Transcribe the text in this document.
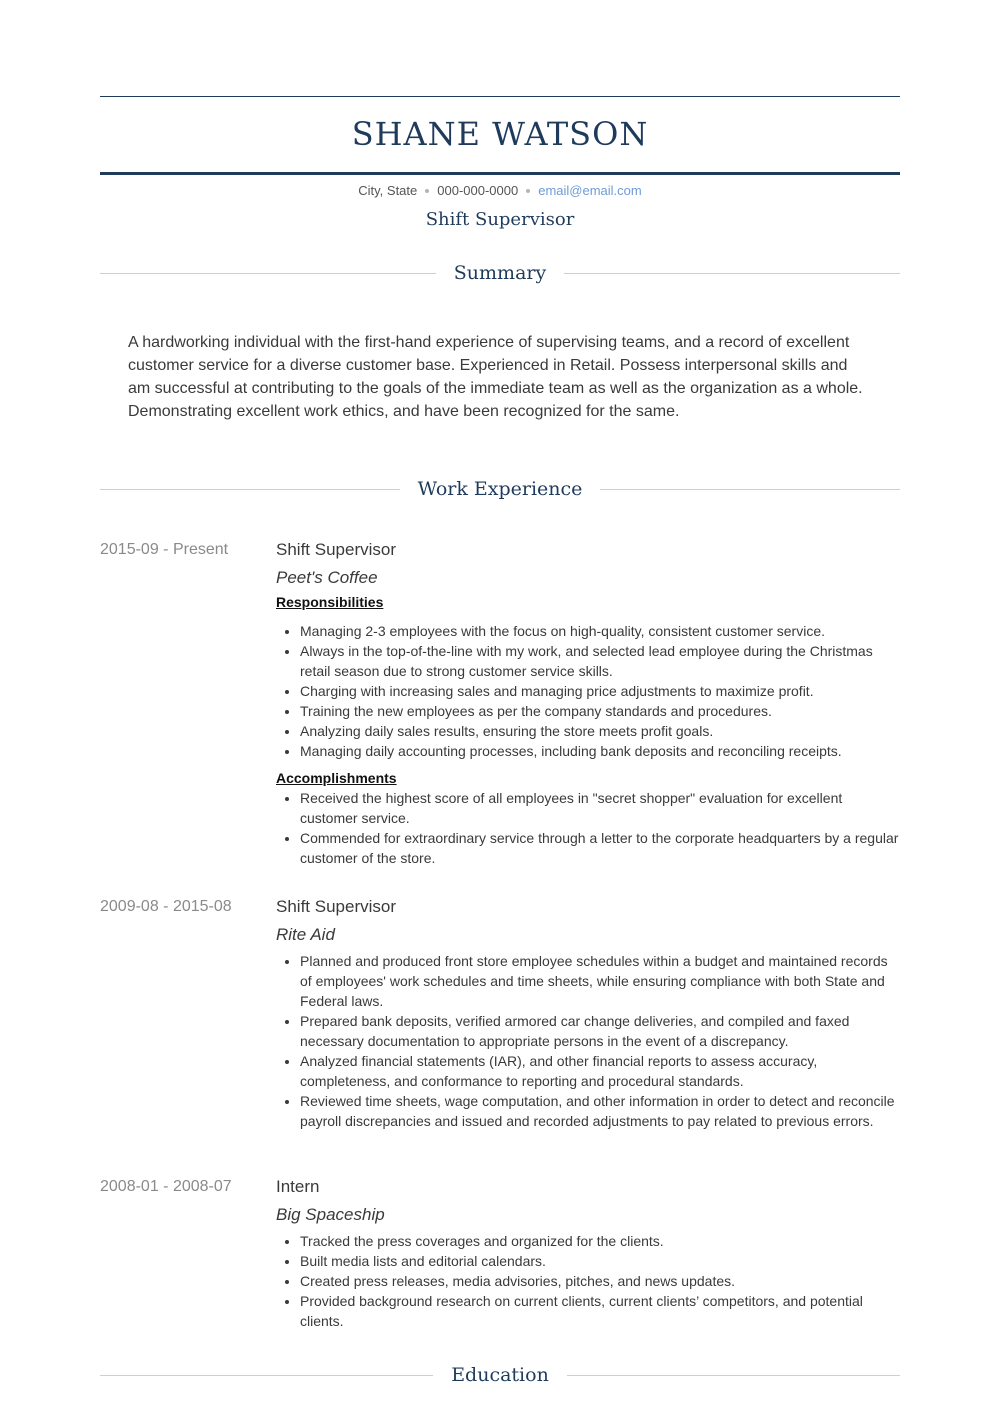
SHANE WATSON
City, State 000-000-0000 email@email.com
Shift Supervisor
Summary
A hardworking individual with the first-hand experience of supervising teams, and a record of excellent customer service for a diverse customer base. Experienced in Retail. Possess interpersonal skills and am successful at contributing to the goals of the immediate team as well as the organization as a whole. Demonstrating excellent work ethics, and have been recognized for the same.
Work Experience
2015-09 - Present	Shift Supervisor
Peet's Coffee
Responsibilities
• Managing 2-3 employees with the focus on high-quality, consistent customer service.
• Always in the top-of-the-line with my work, and selected lead employee during the Christmas retail season due to strong customer service skills.
• Charging with increasing sales and managing price adjustments to maximize profit.
• Training the new employees as per the company standards and procedures.
• Analyzing daily sales results, ensuring the store meets profit goals.
• Managing daily accounting processes, including bank deposits and reconciling receipts.
Accomplishments
• Received the highest score of all employees in "secret shopper" evaluation for excellent customer service.
• Commended for extraordinary service through a letter to the corporate headquarters by a regular customer of the store.
2009-08 - 2015-08	Shift Supervisor
Rite Aid
• Planned and produced front store employee schedules within a budget and maintained records of employees' work schedules and time sheets, while ensuring compliance with both State and Federal laws.
• Prepared bank deposits, verified armored car change deliveries, and compiled and faxed necessary documentation to appropriate persons in the event of a discrepancy.
• Analyzed financial statements (IAR), and other financial reports to assess accuracy, completeness, and conformance to reporting and procedural standards.
• Reviewed time sheets, wage computation, and other information in order to detect and reconcile payroll discrepancies and issued and recorded adjustments to pay related to previous errors.
2008-01 - 2008-07	Intern
Big Spaceship
• Tracked the press coverages and organized for the clients.
• Built media lists and editorial calendars.
• Created press releases, media advisories, pitches, and news updates.
• Provided background research on current clients, current clients’ competitors, and potential clients.
Education
